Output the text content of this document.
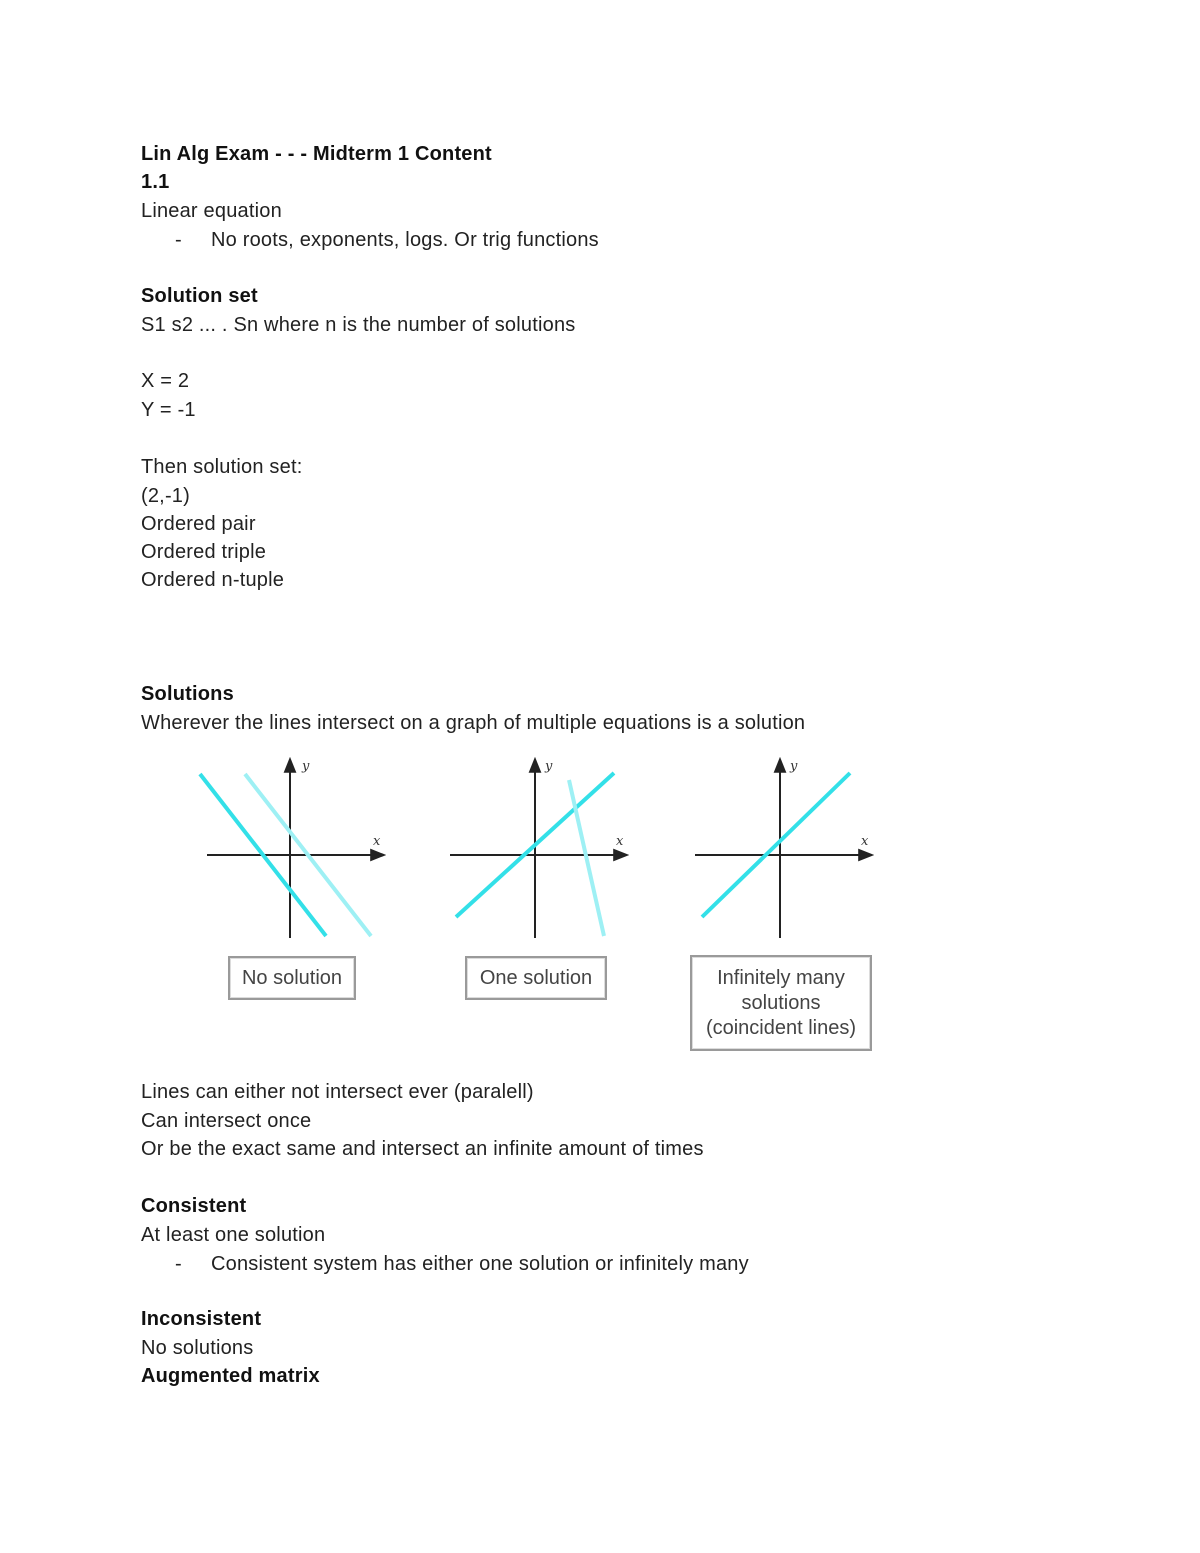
Lin Alg Exam - - - Midterm 1 Content
1.1
Linear equation
- No roots, exponents, logs. Or trig functions
Solution set
S1 s2 ... . Sn where n is the number of solutions
X = 2
Y = -1
Then solution set:
(2,-1)
Ordered pair
Ordered triple
Ordered n-tuple
Solutions
Wherever the lines intersect on a graph of multiple equations is a solution
x
y
x
y
x
y
No solution	One solution	Infinitely many
solutions
(coincident lines)
Lines can either not intersect ever (paralell)
Can intersect once
Or be the exact same and intersect an infinite amount of times
Consistent
At least one solution
- Consistent system has either one solution or infinitely many
Inconsistent
No solutions
Augmented matrix
